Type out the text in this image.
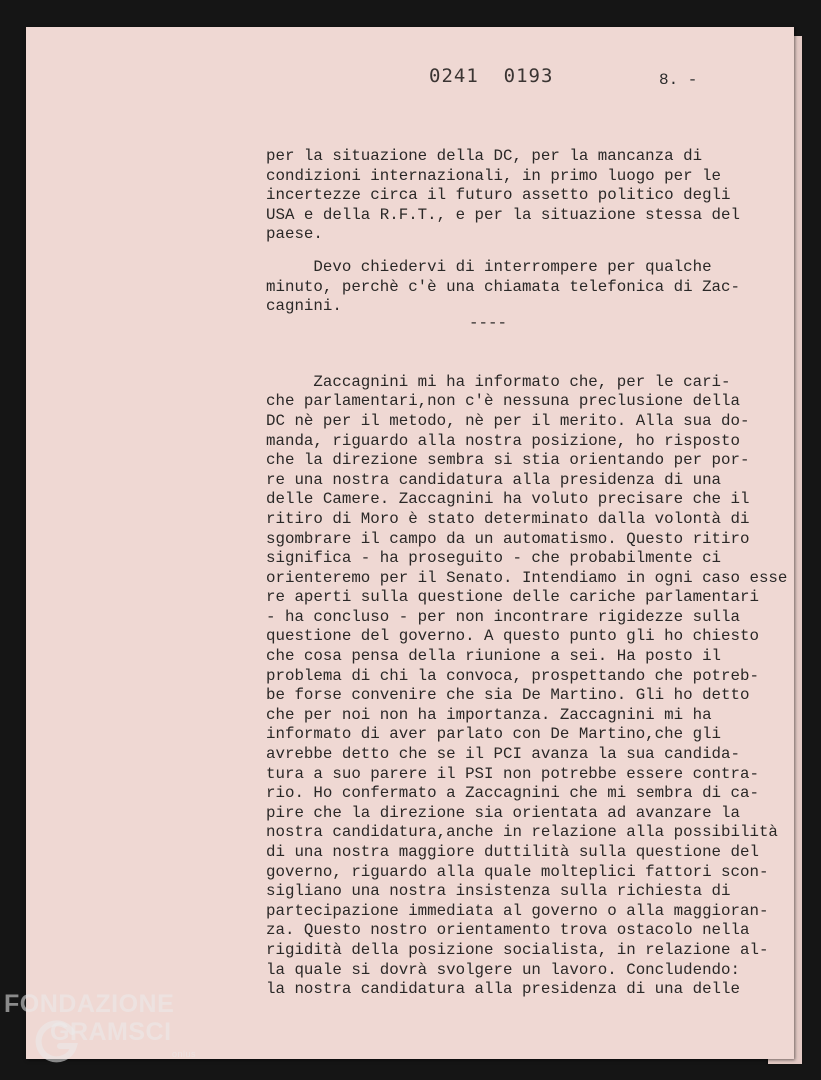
0241  0193	8. -
per la situazione della DC, per la mancanza di
condizioni internazionali, in primo luogo per le
incertezze circa il futuro assetto politico degli
USA e della R.F.T., e per la situazione stessa del
paese.
Devo chiedervi di interrompere per qualche
minuto, perchè c'è una chiamata telefonica di Zac-
cagnini.
Zaccagnini mi ha informato che, per le cari-
che parlamentari,non c'è nessuna preclusione della
DC nè per il metodo, nè per il merito. Alla sua do-
manda, riguardo alla nostra posizione, ho risposto
che la direzione sembra si stia orientando per por-
re una nostra candidatura alla presidenza di una
delle Camere. Zaccagnini ha voluto precisare che il
ritiro di Moro è stato determinato dalla volontà di
sgombrare il campo da un automatismo. Questo ritiro
significa - ha proseguito - che probabilmente ci
orienteremo per il Senato. Intendiamo in ogni caso esse
re aperti sulla questione delle cariche parlamentari
- ha concluso - per non incontrare rigidezze sulla
questione del governo. A questo punto gli ho chiesto
che cosa pensa della riunione a sei. Ha posto il
problema di chi la convoca, prospettando che potreb-
be forse convenire che sia De Martino. Gli ho detto
che per noi non ha importanza. Zaccagnini mi ha
informato di aver parlato con De Martino,che gli
avrebbe detto che se il PCI avanza la sua candida-
tura a suo parere il PSI non potrebbe essere contra-
rio. Ho confermato a Zaccagnini che mi sembra di ca-
pire che la direzione sia orientata ad avanzare la
nostra candidatura,anche in relazione alla possibilità
di una nostra maggiore duttilità sulla questione del
governo, riguardo alla quale molteplici fattori scon-
sigliano una nostra insistenza sulla richiesta di
partecipazione immediata al governo o alla maggioran-
za. Questo nostro orientamento trova ostacolo nella
rigidità della posizione socialista, in relazione al-
la quale si dovrà svolgere un lavoro. Concludendo:
la nostra candidatura alla presidenza di una delle
----
FONDAZIONE
GRAMSCI
onlus
